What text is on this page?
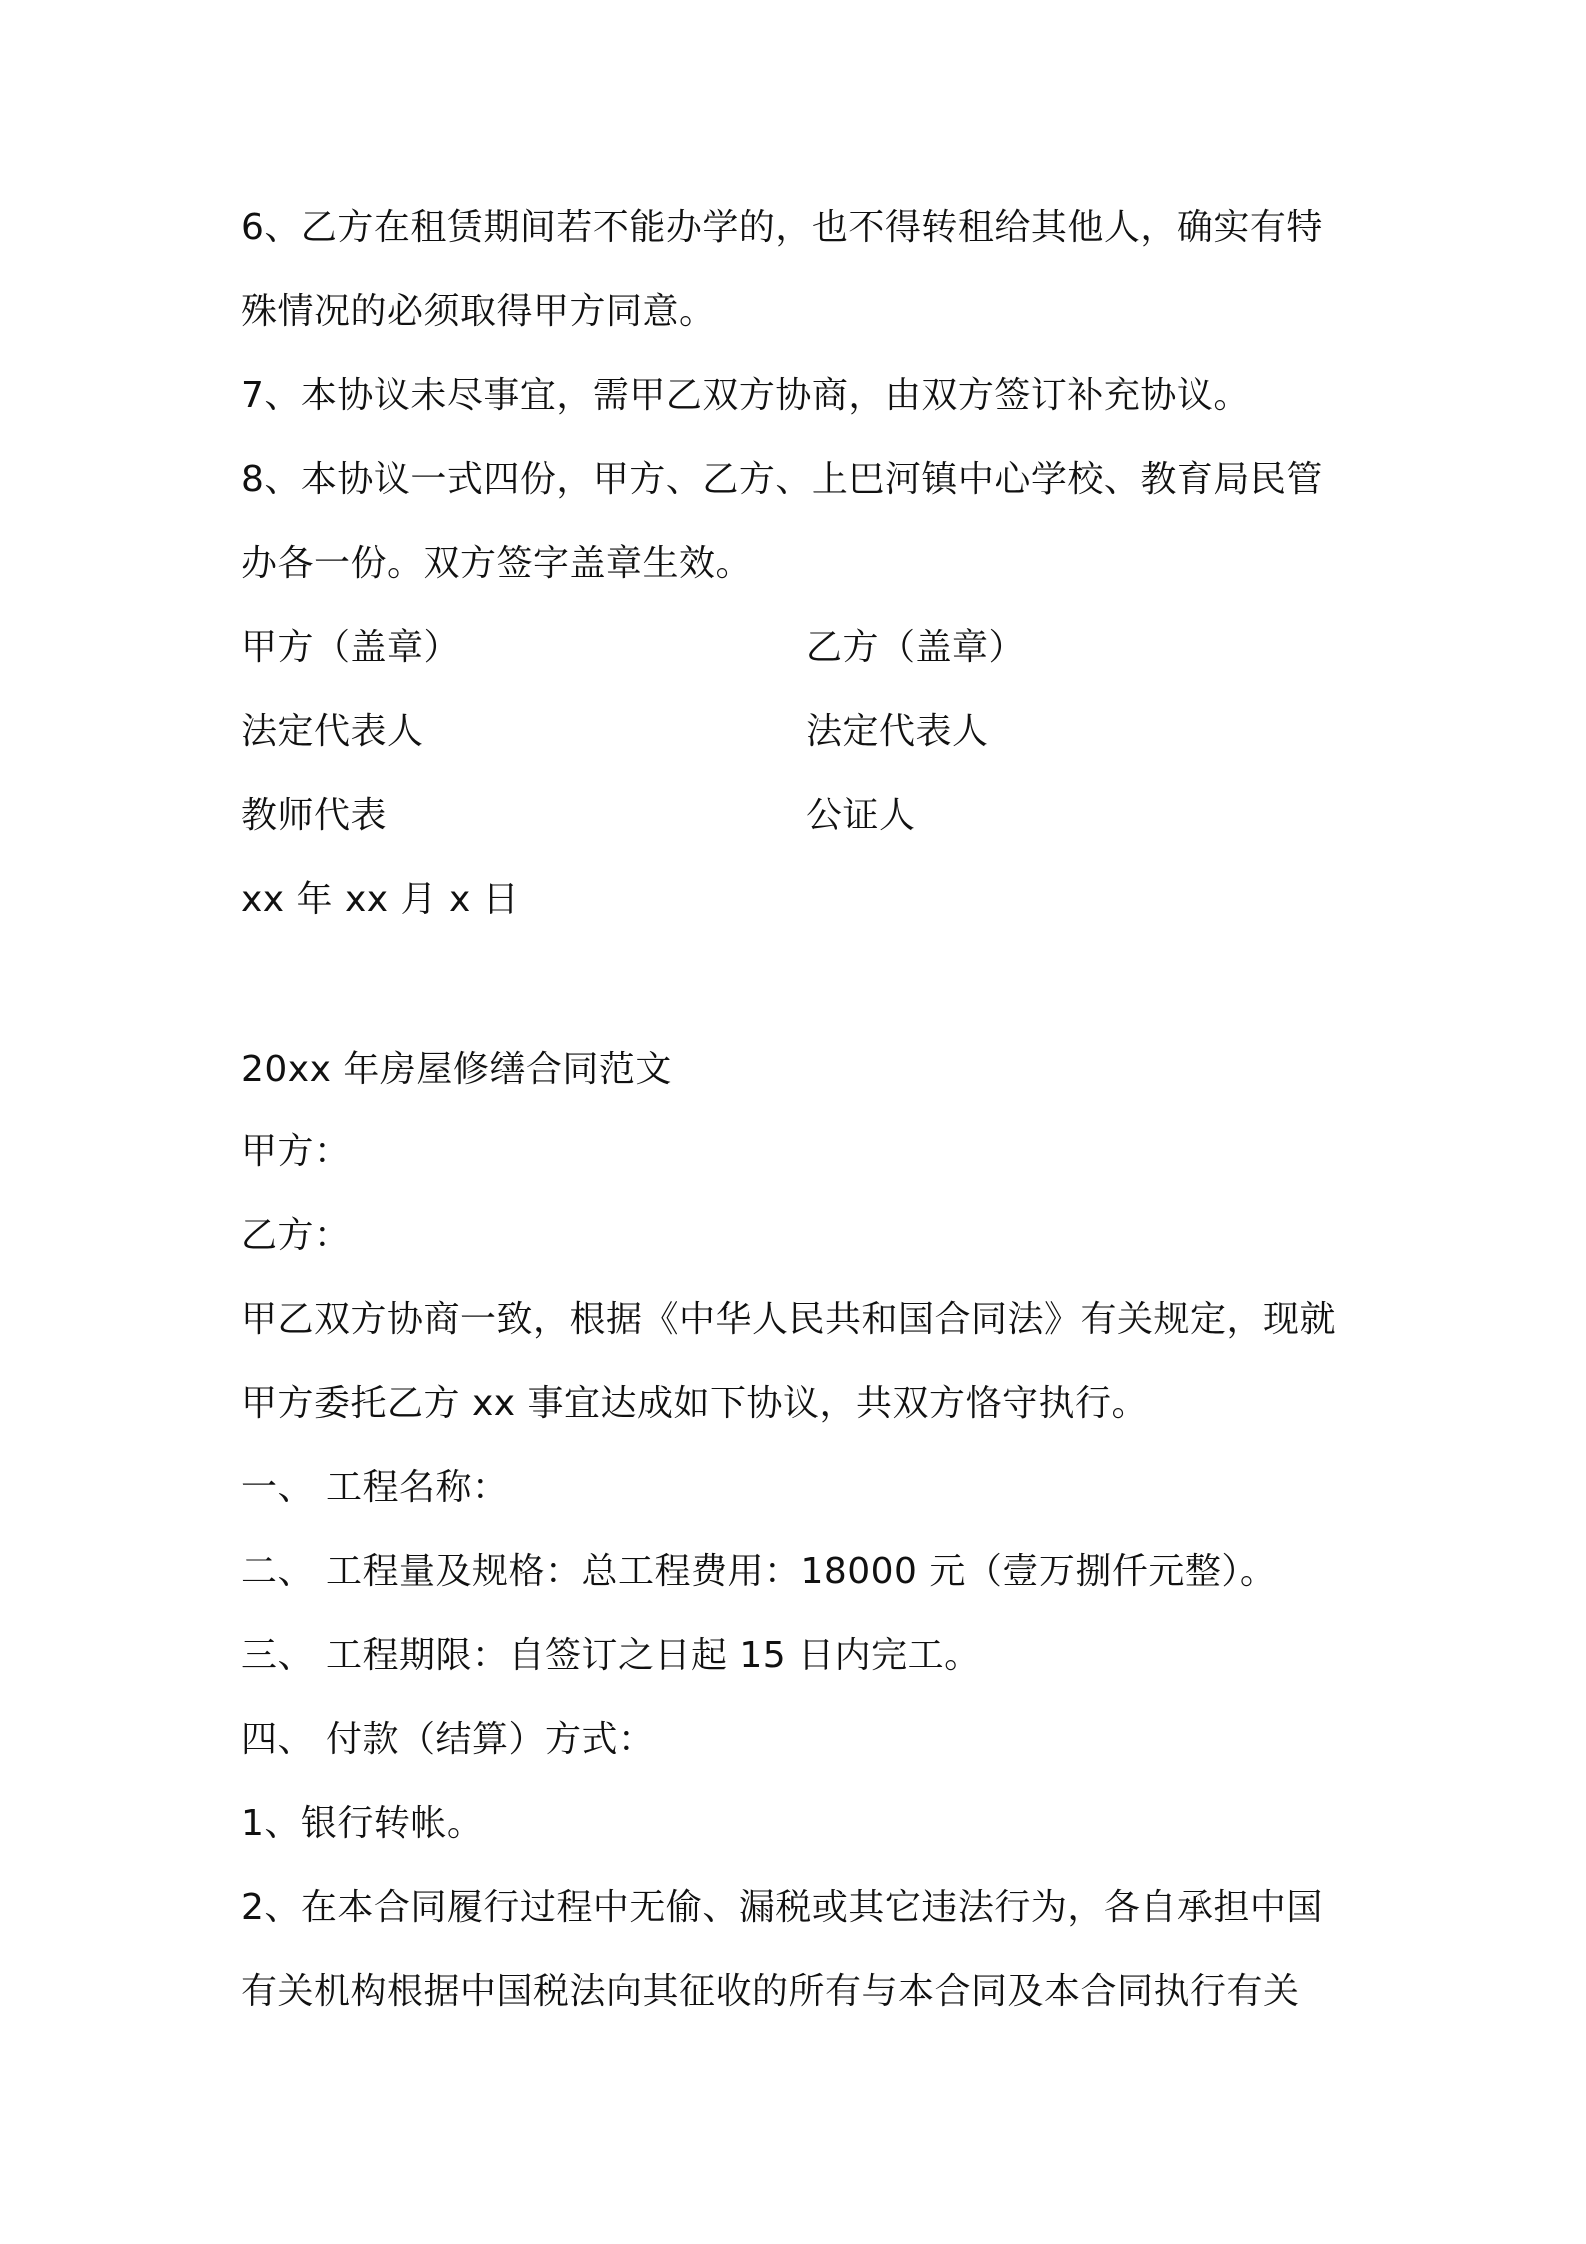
6、乙方在租赁期间若不能办学的，也不得转租给其他人，确实有特
殊情况的必须取得甲方同意。
7、本协议未尽事宜，需甲乙双方协商，由双方签订补充协议。
8、本协议一式四份，甲方、乙方、上巴河镇中心学校、教育局民管
办各一份。双方签字盖章生效。
甲方（盖章）	乙方（盖章）
法定代表人	法定代表人
教师代表	公证人
xx 年 xx 月 x 日
20xx 年房屋修缮合同范文
甲方：
乙方：
甲乙双方协商一致，根据《中华人民共和国合同法》有关规定，现就
甲方委托乙方 xx 事宜达成如下协议，共双方恪守执行。
一、 工程名称：
二、 工程量及规格：总工程费用：18000 元（壹万捌仟元整）。
三、 工程期限：自签订之日起 15 日内完工。
四、 付款（结算）方式：
1、银行转帐。
2、在本合同履行过程中无偷、漏税或其它违法行为，各自承担中国
有关机构根据中国税法向其征收的所有与本合同及本合同执行有关
